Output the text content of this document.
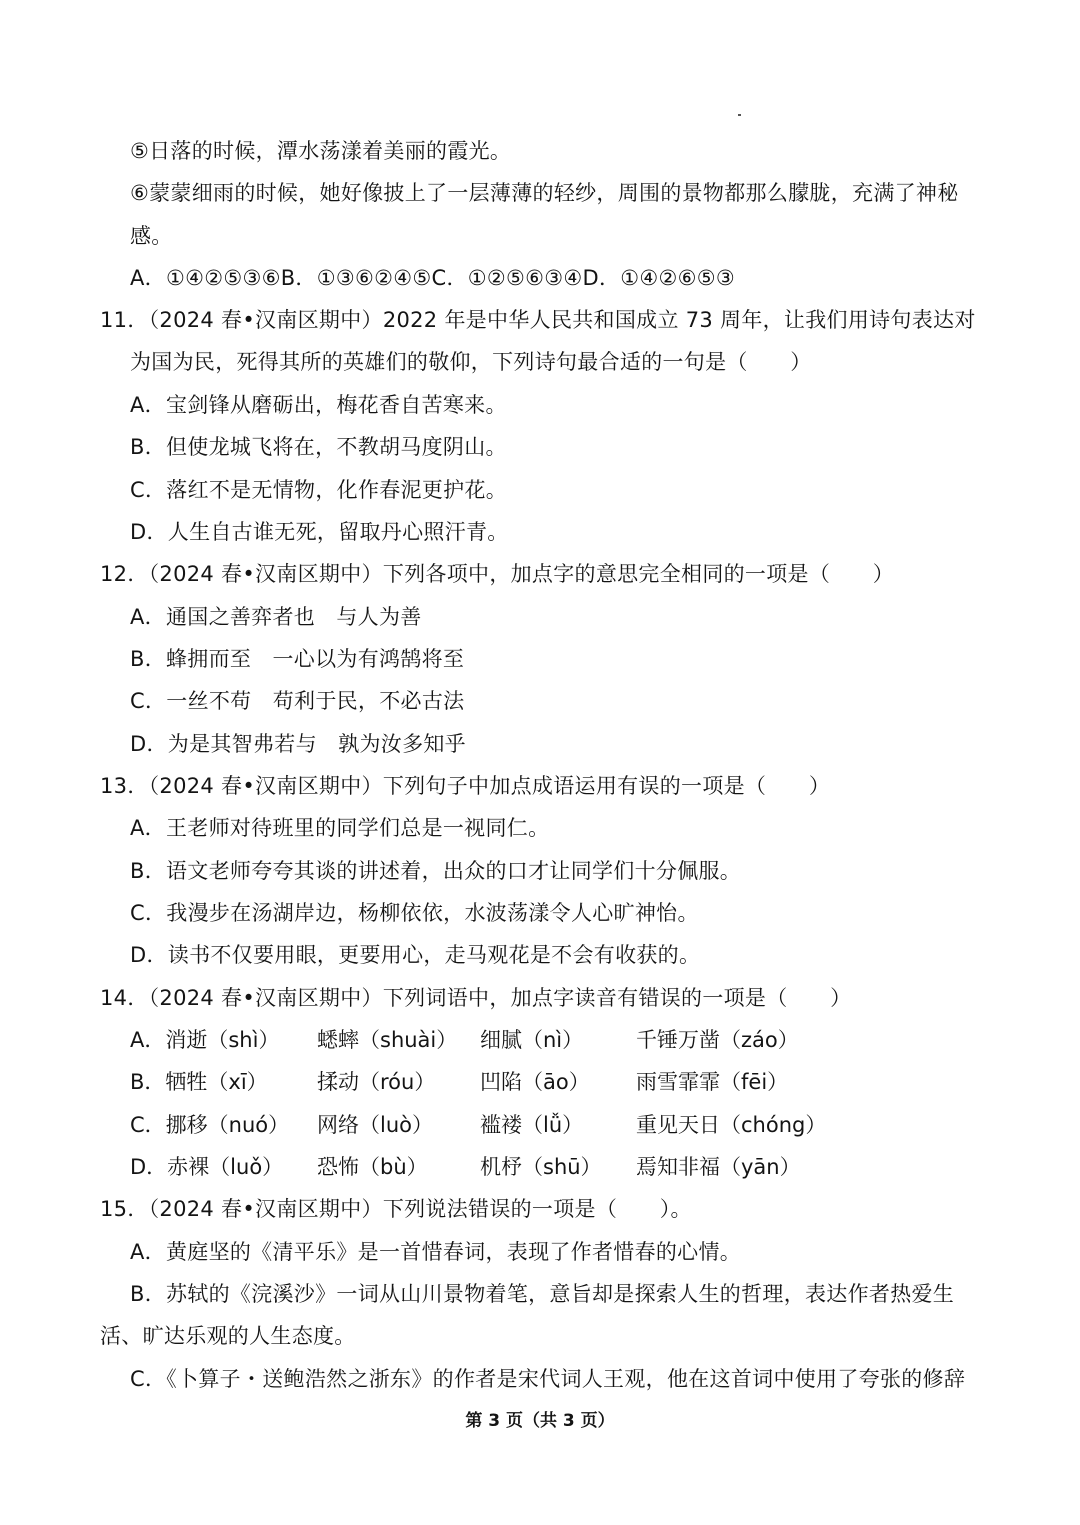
⑤日落的时候，潭水荡漾着美丽的霞光。
⑥蒙蒙细雨的时候，她好像披上了一层薄薄的轻纱，周围的景物都那么朦胧，充满了神秘
感。
A．①④②⑤③⑥B．①③⑥②④⑤C．①②⑤⑥③④D．①④②⑥⑤③
11．（2024 春•汉南区期中）2022 年是中华人民共和国成立 73 周年，让我们用诗句表达对
为国为民，死得其所的英雄们的敬仰，下列诗句最合适的一句是（　　）
A．宝剑锋从磨砺出，梅花香自苦寒来。
B．但使龙城飞将在，不教胡马度阴山。
C．落红不是无情物，化作春泥更护花。
D．人生自古谁无死，留取丹心照汗青。
12．（2024 春•汉南区期中）下列各项中，加点字的意思完全相同的一项是（　　）
A．通国之善弈者也　与人为善
B．蜂拥而至　一心以为有鸿鹄将至
C．一丝不苟　苟利于民，不必古法
D．为是其智弗若与　孰为汝多知乎
13．（2024 春•汉南区期中）下列句子中加点成语运用有误的一项是（　　）
A．王老师对待班里的同学们总是一视同仁。
B．语文老师夸夸其谈的讲述着，出众的口才让同学们十分佩服。
C．我漫步在汤湖岸边，杨柳依依，水波荡漾令人心旷神怡。
D．读书不仅要用眼，更要用心，走马观花是不会有收获的。
14．（2024 春•汉南区期中）下列词语中，加点字读音有错误的一项是（　　）
A．消逝（shì） 蟋蟀（shuài） 细腻（nì）	千锤万凿（záo）
B．牺牲（xī） 揉动（róu） 凹陷（āo） 雨雪霏霏（fēi）
C．挪移（nuó） 网络（luò） 褴褛（lǚ）	重见天日（chóng）
D．赤裸（luǒ） 恐怖（bù） 机杼（shū） 焉知非福（yān）
15．（2024 春•汉南区期中）下列说法错误的一项是（　　）。
A．黄庭坚的《清平乐》是一首惜春词，表现了作者惜春的心情。
B．苏轼的《浣溪沙》一词从山川景物着笔，意旨却是探索人生的哲理，表达作者热爱生
活、旷达乐观的人生态度。
C．《卜算子・送鲍浩然之浙东》的作者是宋代词人王观，他在这首词中使用了夸张的修辞
第 3 页（共 3 页）
